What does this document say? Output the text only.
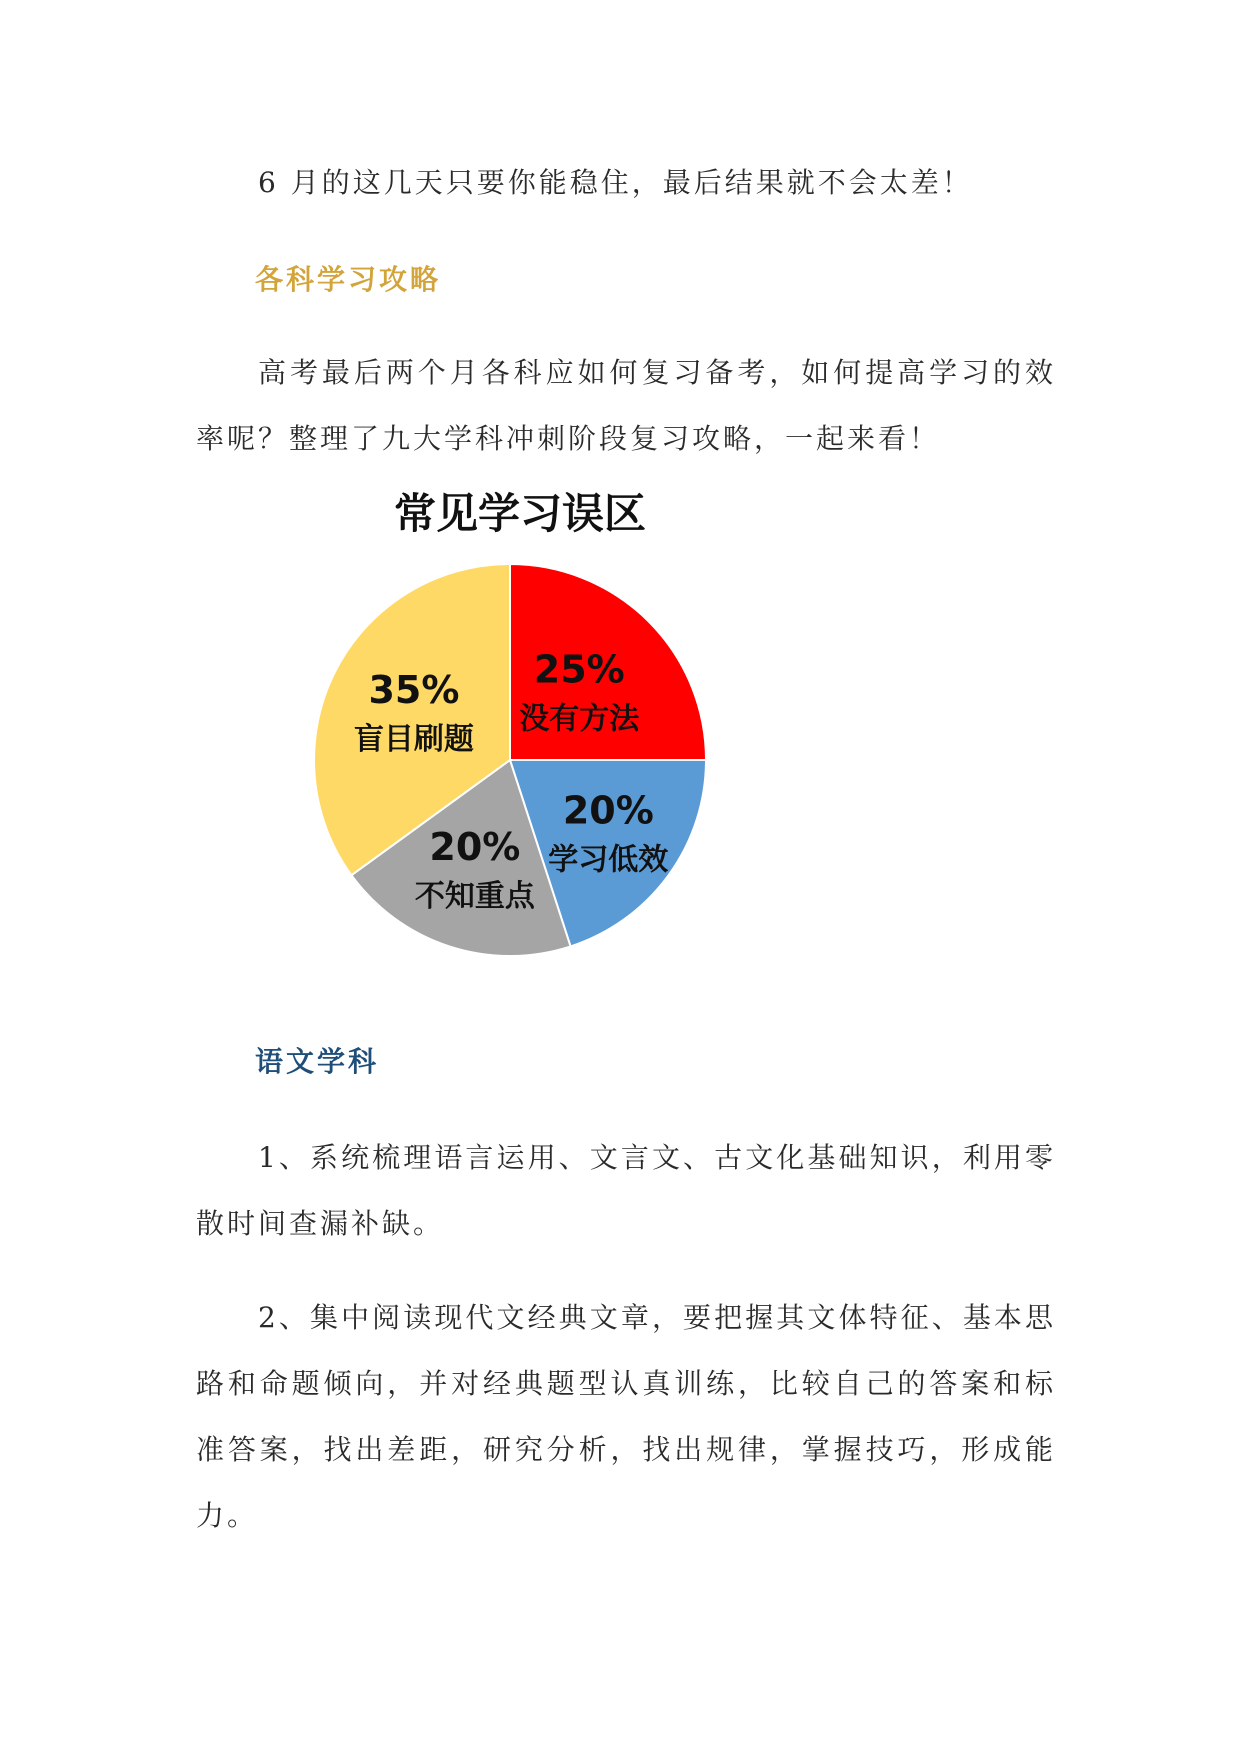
6 月的这几天只要你能稳住，最后结果就不会太差！

各科学习攻略

高考最后两个月各科应如何复习备考，如何提高学习的效率呢？整理了九大学科冲刺阶段复习攻略，一起来看！

常见学习误区
25%
没有方法
20%
学习低效
20%
不知重点
35%
盲目刷题
语文学科

1、系统梳理语言运用、文言文、古文化基础知识，利用零散时间查漏补缺。

2、集中阅读现代文经典文章，要把握其文体特征、基本思路和命题倾向，并对经典题型认真训练，比较自己的答案和标准答案，找出差距，研究分析，找出规律，掌握技巧，形成能力。
